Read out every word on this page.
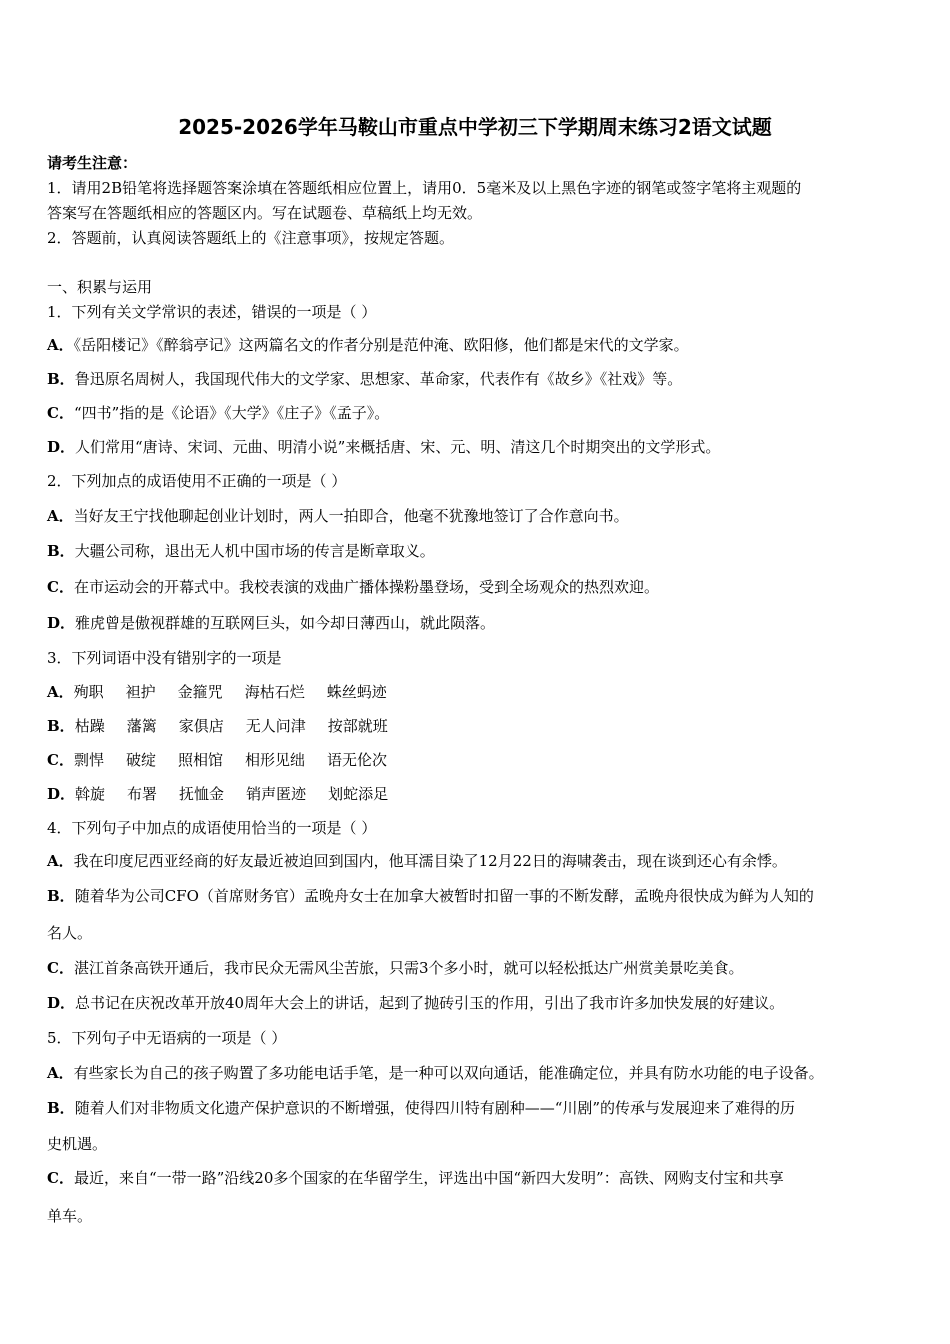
2025-2026学年马鞍山市重点中学初三下学期周末练习2语文试题
请考生注意：
1．请用2B铅笔将选择题答案涂填在答题纸相应位置上，请用0．5毫米及以上黑色字迹的钢笔或签字笔将主观题的
答案写在答题纸相应的答题区内。写在试题卷、草稿纸上均无效。
2．答题前，认真阅读答题纸上的《注意事项》，按规定答题。
一、积累与运用
1．下列有关文学常识的表述，错误的一项是（ ）
A．《岳阳楼记》《醉翁亭记》这两篇名文的作者分别是范仲淹、欧阳修，他们都是宋代的文学家。
B．鲁迅原名周树人，我国现代伟大的文学家、思想家、革命家，代表作有《故乡》《社戏》等。
C．“四书”指的是《论语》《大学》《庄子》《孟子》。
D．人们常用“唐诗、宋词、元曲、明清小说”来概括唐、宋、元、明、清这几个时期突出的文学形式。
2．下列加点的成语使用不正确的一项是（ ）
A．当好友王宁找他聊起创业计划时，两人一拍即合，他毫不犹豫地签订了合作意向书。
B．大疆公司称，退出无人机中国市场的传言是断章取义。
C．在市运动会的开幕式中。我校表演的戏曲广播体操粉墨登场，受到全场观众的热烈欢迎。
D．雅虎曾是傲视群雄的互联网巨头，如今却日薄西山，就此陨落。
3．下列词语中没有错别字的一项是
A．殉职 袒护 金箍咒 海枯石烂 蛛丝蚂迹
B．枯躁 藩篱 家俱店 无人问津 按部就班
C．剽悍 破绽 照相馆 相形见绌 语无伦次
D．斡旋 布署 抚恤金 销声匿迹 划蛇添足
4．下列句子中加点的成语使用恰当的一项是（ ）
A．我在印度尼西亚经商的好友最近被迫回到国内，他耳濡目染了12月22日的海啸袭击，现在谈到还心有余悸。
B．随着华为公司CFO（首席财务官）孟晚舟女士在加拿大被暂时扣留一事的不断发酵，孟晚舟很快成为鲜为人知的
名人。
C．湛江首条高铁开通后，我市民众无需风尘苦旅，只需3个多小时，就可以轻松抵达广州赏美景吃美食。
D．总书记在庆祝改革开放40周年大会上的讲话，起到了抛砖引玉的作用，引出了我市许多加快发展的好建议。
5．下列句子中无语病的一项是（ ）
A．有些家长为自己的孩子购置了多功能电话手笔，是一种可以双向通话，能准确定位，并具有防水功能的电子设备。
B．随着人们对非物质文化遗产保护意识的不断增强，使得四川特有剧种——“川剧”的传承与发展迎来了难得的历
史机遇。
C．最近，来自“一带一路”沿线20多个国家的在华留学生，评选出中国“新四大发明”：高铁、网购支付宝和共享
单车。
